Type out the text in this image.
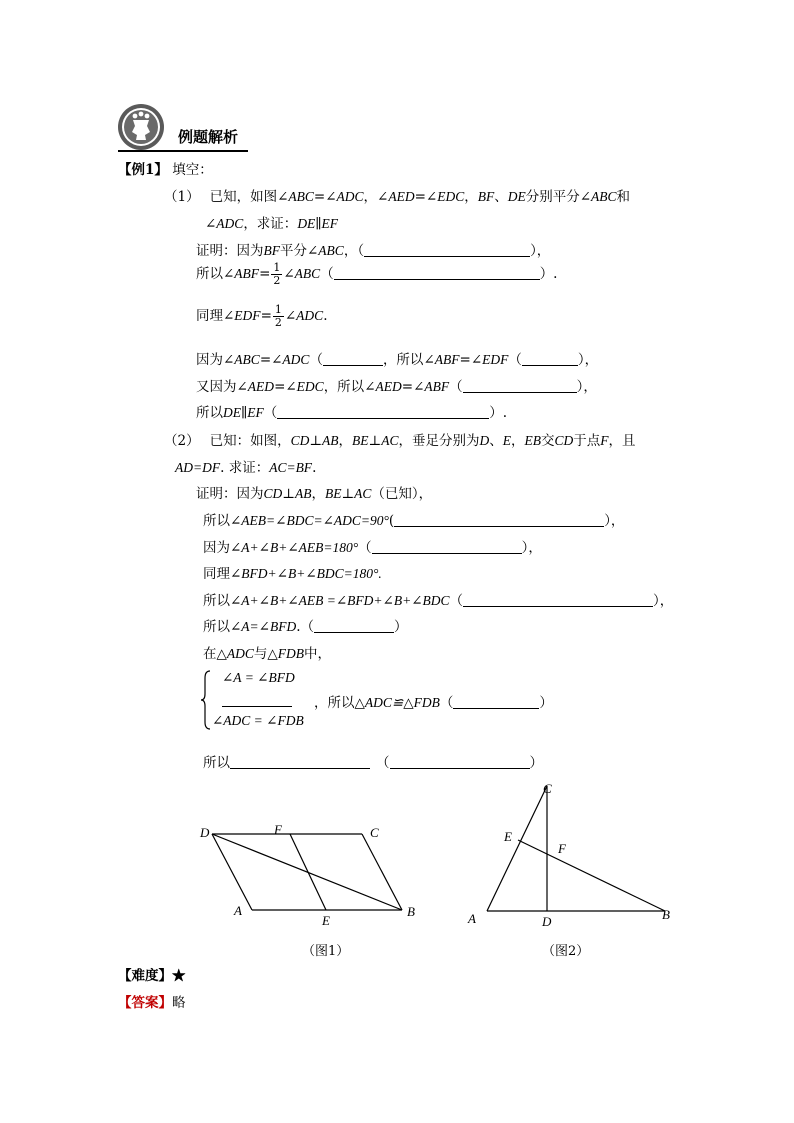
例题解析
【例1】 填空：
（1） 已知，如图∠ABC=∠ADC，∠AED=∠EDC，BF、DE分别平分∠ABC和
∠ADC，求证：DE∥EF
证明：因为BF平分∠ABC，（	），
所以∠ABF= $\frac{1}{2}$ ∠ABC（	）.
同理∠EDF= $\frac{1}{2}$ ∠ADC.
因为∠ABC=∠ADC（	，所以∠ABF=∠EDF（	），
又因为∠AED=∠EDC，所以∠AED=∠ABF（	），
所以DE∥EF（	）.
（2） 已知：如图，CD⊥AB，BE⊥AC，垂足分别为D、E，EB交CD于点F，且
AD=DF. 求证：AC=BF.
证明：因为CD⊥AB，BE⊥AC（已知），
所以∠AEB=∠BDC=∠ADC=90°(	），
因为∠A+∠B+∠AEB=180°（	），
同理∠BFD+∠B+∠BDC=180°.
所以∠A+∠B+∠AEB =∠BFD+∠B+∠BDC（	），
所以∠A=∠BFD.（	）
在△ADC与△FDB中，
∠A = ∠BFD
∠ADC = ∠FDB
，所以△ADC≌△FDB（	）
所以	（	）
D	F	C
A
E
B
（图1）
C
E
F
A	D	B
（图2）
【难度】★
【答案】略
